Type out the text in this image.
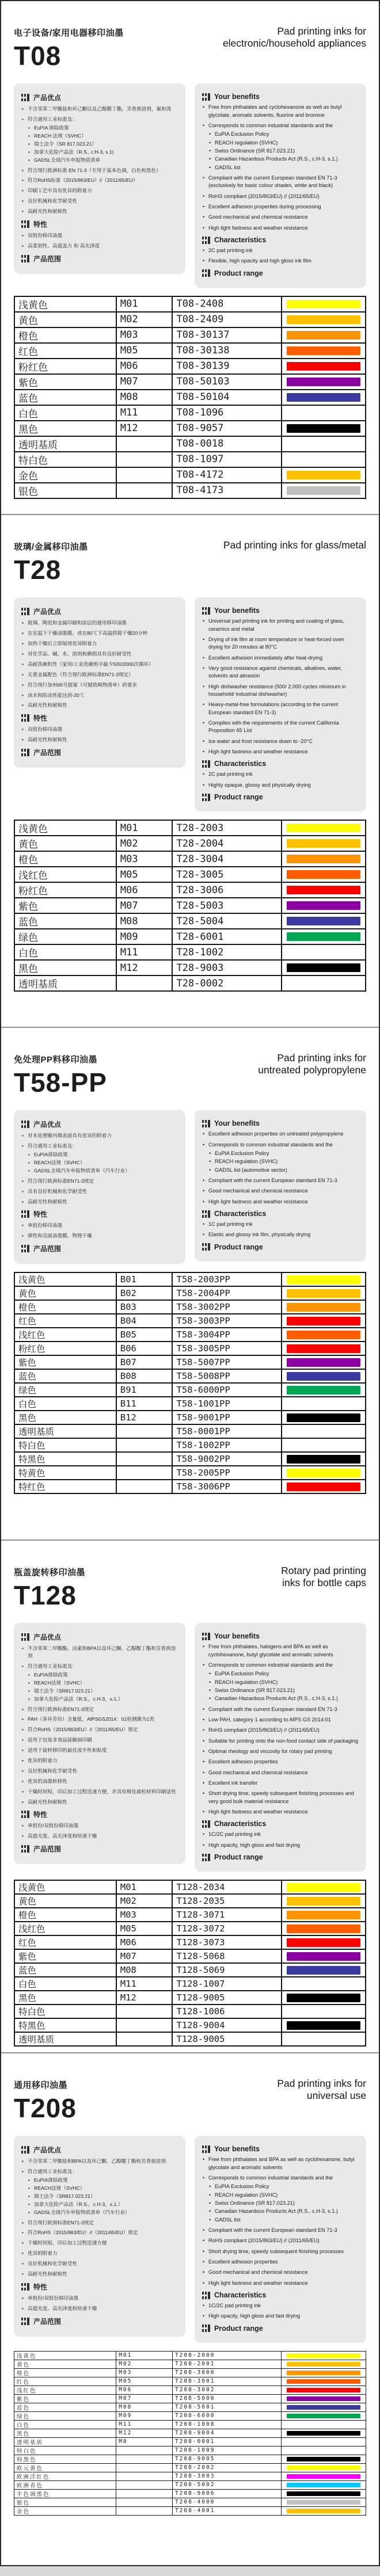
电子设备/家用电器移印油墨
T08
Pad printing inks for
electronic/household appliances
产品优点
• 不含邻苯二甲酸盐和环己酮以及乙醇酸丁酯，芳香族溶剂，氟和溴
• 符合通用工业标准及：
• EuPIA 排除政策
• REACH 法规（SVHC）
• 瑞士法令（SR 817.023.21）
• 加拿大危险产品法（R.S., c.H-3, s.1)
• GADSL全球汽车申报物质清单
• 符合现行欧洲标准 EN 71-3（专用于基本色调，白色和黑色）
• 符合RoHS标准（2015/863/EU）//（2011/65/EU）
• 印刷工艺中具有优异的附着力
• 良好机械和化学耐受性
• 高耐光性和耐候性
特性
• 双组份移印油墨
• 高柔韧性、高遮盖力 和 高光泽度
产品范围
Your benefits
• Free from phthalates and cyclohexanone as well as butyl glycolate, aromatic solvents, fluorine and bromine
• Corresponds to common industrial standards and the
• EuPIA Exclusion Policy
• REACH regulation (SVHC)
• Swiss Ordinance (SR 817.023.21)
• Canadian Hazardous Products Act (R.S., c.H-3, s.1.)
• GADSL list
• Compliant with the current European standard EN 71-3 (exclusively for basic colour shades, white and black)
• RoHS compliant (2015/863/EU) // (2011/65/EU)
• Excellent adhesion properties during processing
• Good mechanical and chemical resistance
• High light fastness and weather resistance
Characteristics
• 2C pad printing ink
• Flexible, high opacity and high gloss ink film
Product range
浅黄色	M01	T08-2408	

黄色	M02	T08-2409	

橙色	M03	T08-30137	

红色	M05	T08-30138	

粉红色	M06	T08-30139	

紫色	M07	T08-50103	

蓝色	M08	T08-50104	

白色	M11	T08-1096	
黑色	M12	T08-9057	

透明基质		T08-0018	
特白色		T08-1097	
金色		T08-4172	

银色		T08-4173	
玻璃/金属移印油墨
T28
Pad printing inks for glass/metal
产品优点
• 玻璃、陶瓷和金属印刷和涂层的通用移印油墨
• 在室温下干燥油墨膜，或在80℃下高温烘箱干燥20分钟
• 加热干燥后立即展现优异附着力
• 对化学品、碱、水、溶剂和磨损具有良好耐受性
• 高耐洗碗机性（家用/工业洗碗机中最少500/2000次循环）
• 无重金属配色（符合现行欧洲标准EN71-3规定）
• 符合现行加州65号提案（可疑致畸物清单）的要求
• 冰水和防冻性能达到-20℃
• 高耐光性和耐候性
特性
• 双组份移印油墨
• 高耐光性和耐候性
产品范围
Your benefits
• Universal pad printing ink for printing and coating of glass, ceramics and metal
• Drying of ink film at room temperature or heat-forced oven drying for 20 minutes at 80°C
• Excellent adhesion immediately after heat-drying
• Very good resistance against chemicals, alkalines, water, solvents and abrasion
• High dishwasher resistance (500/ 2,000 cycles minimum in household/ industrial dishwasher)
• Heavy-metal-free formulations (according to the current European standard EN 71-3)
• Complies with the requirements of the current California Proposition 65 List
• Ice water and frost resistance down to -20°C
• High light fastness and weather resistance
Characteristics
• 2C pad printing ink
• Highly opaque, glossy and physically drying
Product range
浅黄色	M01	T28-2003	

黄色	M02	T28-2004	

橙色	M03	T28-3004	

浅红色	M05	T28-3005	

粉红色	M06	T28-3006	

紫色	M07	T28-5003	

蓝色	M08	T28-5004	

绿色	M09	T28-6001	

白色	M11	T28-1002	
黑色	M12	T28-9003	

透明基质		T28-0002	
免处理PP料移印油墨
T58-PP
Pad printing inks for
untreated polypropylene
产品优点
• 对未处理聚丙烯表面具有优异的附着力
• 符合通用工业标准及：
• EuPIA排除政策
• REACH法规（SVHC）
• GADSL全球汽车申报物质清单（汽车行业）
• 符合现行欧洲标准EN71-3规定
• 具有良好机械和化学耐受性
• 高耐光性和耐候性
特性
• 单组份移印油墨
• 弹性和亮面油墨膜，物理干燥
产品范围
Your benefits
• Excellent adhesion properties on untreated polypropylene
• Corresponds to common industrial standards and the
• EuPIA Exclusion Policy
• REACH regulation (SVHC)
• GADSL list (automotive sector)
• Compliant with the current European standard EN 71-3
• Good mechanical and chemical resistance
• High light fastness and weather resistance
Characteristics
• 1C pad printing ink
• Elastic and glossy ink film, physically drying
Product range
浅黄色	B01	T58-2003PP	

黄色	B02	T58-2004PP	

橙色	B03	T58-3002PP	

红色	B04	T58-3003PP	

浅红色	B05	T58-3004PP	

粉红色	B06	T58-3005PP	

紫色	B07	T58-5007PP	

蓝色	B08	T58-5008PP	

绿色	B91	T58-6000PP	

白色	B11	T58-1001PP	
黑色	B12	T58-9001PP	

透明基质		T58-0001PP	
特白色		T58-1002PP	
特黑色		T58-9002PP	

特黄色		T58-2005PP	

特红色		T58-3006PP	
瓶盖旋转移印油墨
T128
Rotary pad printing
inks for bottle caps
产品优点
• 不含邻苯二甲酸酯、卤素和BPA以及环己酮、乙醇酸丁酯和芳香族溶剂
• 符合通用工业标准及：
• EuPIA排除政策
• REACH法规（SVHC）
• 瑞士法令（SR817.023.21）
• 加拿大危险产品法（R.S.，c.H-3，s.1.）
• 符合现行欧洲标准EN71-3规定
• PAH（多环芳烃）含量低，AfPSGS2014：01检测测为1类
• 符合RoHS（2015/863/EU）//（2011/65/EU）规定
• 适用于包装非食品接触面印刷
• 适用于旋转移印的最佳流平性和粘度
• 优异的附着力
• 良好机械和化学耐受性
• 优异的油墨转移性
• 干燥时间短，印后加工过程迅速方便，并具有极佳疏松材料印刷适性
• 高耐光性和耐候性
特性
• 单组份/双组份移印油墨
• 高遮光度、高光泽度和快速干燥
产品范围
Your benefits
• Free from phthalates, halogens and BPA as well as cyclohexanone, butyl glycolate and aromatic solvents
• Corresponds to common industrial standards and the
• EuPIA Exclusion Policy
• REACH regulation (SVHC)
• Swiss Ordinance (SR 817.023.21)
• Canadian Hazardous Products Act (R.S., c.H-3, s.1.)
• Compliant with the current European standard EN 71-3
• Low PAH, category 1 according to AfPS GS 2014:01
• RoHS compliant (2015/863/EU) // (2011/65/EU)
• Suitable for printing onto the non-food contact side of packaging
• Optimal rheology and viscosity for rotary pad printing
• Excellent adhesion properties
• Good mechanical and chemical resistance
• Excellent ink transfer
• Short drying time, speedy subsequent finishing processes and very good bulk material resistance
• High light fastness and weather resistance
Characteristics
• 1C/2C pad printing ink
• High opacity, high gloss and fast drying
Product range
浅黄色	M01	T128-2034	

黄色	M02	T128-2035	

橙色	M03	T128-3071	

浅红色	M05	T128-3072	

红色	M06	T128-3073	

紫色	M07	T128-5068	

蓝色	M08	T128-5069	

白色	M11	T128-1007	
黑色	M12	T128-9005	

特白色		T128-1006	
特黑色		T128-9004	

透明基质		T128-9005	
通用移印油墨
T208
Pad printing inks for
universal use
产品优点
• 不含邻苯二甲酸盐和BPA以及环己酮、乙醇酸丁酯和芳香族溶剂
• 符合通用工业标准及：
• EuPIA排除政策
• REACH法规（SVHC）
• 瑞士法令（SR817.023.21）
• 加拿大危险产品法（R.S.，c.H-3，s.1.）
• GADSL全球汽车申报物质清单（汽车行业）
• 符合现行欧洲标准EN71-3规定
• 符合RoHS（2015/863/EU）//（2011/65/EU）规定
• 干燥时间短，印后加工过程迅速方便
• 优异的附着力
• 良好机械和化学耐受性
• 高耐光性和耐候性
特性
• 单组份/双组份移印油墨
• 高遮光度、高光泽度和快速干燥
产品范围
Your benefits
• Free from phthalates and BPA as well as cyclohexanone, butyl glycolate and aromatic solvents
• Corresponds to common industrial standards and the
• EuPIA Exclusion Policy
• REACH regulation (SVHC)
• Swiss Ordinance (SR 817.023.21)
• Canadian Hazardous Products Act (R.S., c.H-3, s.1.)
• GADSL list
• Compliant with the current European standard EN 71-3
• RoHS compliant (2015/863/EU) // (2011/65/EU)
• Short drying time, speedy subsequent finishing processes
• Excellent adhesion properties
• Good mechanical and chemical resistance
• High light fastness and weather resistance
Characteristics
• 1C/2C pad printing ink
• High opacity, high gloss and fast drying
Product range
浅黄色	M01	T208-2000	

黄色	M02	T208-2001	

橙色	M03	T208-3000	

红色	M05	T208-3001	

浅红色	M06	T208-3002	

紫色	M07	T208-5000	

蓝色	M08	T208-5001	

绿色	M09	T208-6000	

白色	M11	T208-1008	
黑色	M12	T208-9004	

透明基质	M0	T208-0001	
特白色		T208-1009	
特黑色		T208-9005	

欧元黄色		T208-2002	

欧洲洋红色		T208-3003	

欧洲青色		T208-5002	

半色调黑色		T208-9006	

银色		T208-4000	

金色		T208-4001	
